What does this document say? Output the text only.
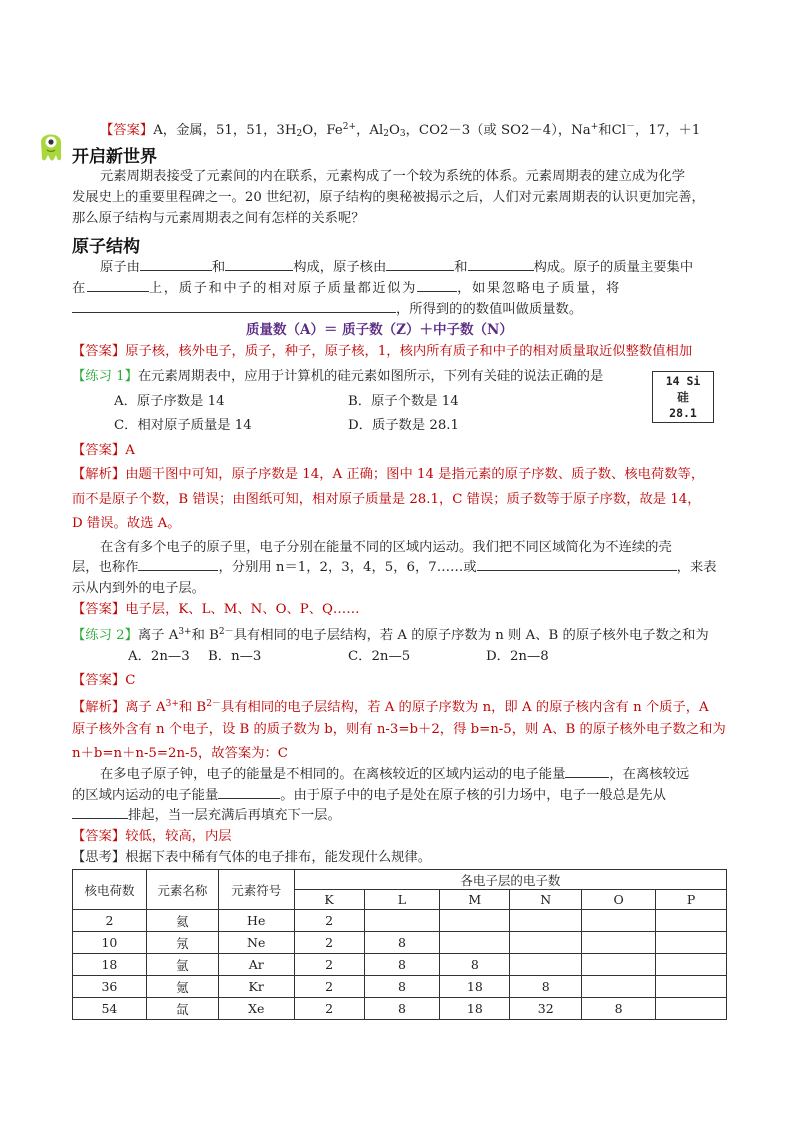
【答案】A，金属，51，51，$3H_2O$，$Fe^{2+}$，$Al_2O_3$，CO2－3（或 SO2－4），Na+和Cl－，17，＋1
开启新世界
元素周期表接受了元素间的内在联系，元素构成了一个较为系统的体系。元素周期表的建立成为化学
发展史上的重要里程碑之一。20 世纪初，原子结构的奥秘被揭示之后，人们对元素周期表的认识更加完善，
那么原子结构与元素周期表之间有怎样的关系呢？
原子结构
原子由	和	构成，原子核由	和	构成。原子的质量主要集中
在	上，质子和中子的相对原子质量都近似为	，如果忽略电子质量，将
，所得到的的数值叫做质量数。
质量数（A）＝ 质子数（Z）＋中子数（N）
【答案】原子核，核外电子，质子，种子，原子核，1，核内所有质子和中子的相对质量取近似整数值相加
【练习 1】在元素周期表中，应用于计算机的硅元素如图所示，下列有关硅的说法正确的是
A．原子序数是 14	B．原子个数是 14
C．相对原子质量是 14	D．质子数是 28.1
14 Si
硅
28.1
【答案】A
【解析】由题干图中可知，原子序数是 14，A 正确；图中 14 是指元素的原子序数、质子数、核电荷数等，
而不是原子个数，B 错误；由图纸可知，相对原子质量是 28.1，C 错误；质子数等于原子序数，故是 14，
D 错误。故选 A。
在含有多个电子的原子里，电子分别在能量不同的区域内运动。我们把不同区域简化为不连续的壳
层，也称作	，分别用 n＝1，2，3，4，5，6，7……或	，来表
示从内到外的电子层。
【答案】电子层，K、L、M、N、O、P、Q……
【练习 2】离子 $A^{3+}$和 $B^{2-}$具有相同的电子层结构，若 A 的原子序数为 n 则 A、B 的原子核外电子数之和为
A．2n—3 B．n—3	C．2n—5	D．2n—8
【答案】C
【解析】离子 $A^{3+}$和 $B^{2-}$具有相同的电子层结构，若 A 的原子序数为 n，即 A 的原子核内含有 n 个质子，A
原子核外含有 n 个电子，设 B 的质子数为 b，则有 n-3=b＋2，得 b=n-5，则 A、B 的原子核外电子数之和为
n＋b=n＋n-5=2n-5，故答案为：C
在多电子原子钟，电子的能量是不相同的。在离核较近的区域内运动的电子能量	，在离核较远
的区域内运动的电子能量	。由于原子中的电子是处在原子核的引力场中，电子一般总是先从
排起，当一层充满后再填充下一层。
【答案】较低，较高，内层
【思考】根据下表中稀有气体的电子排布，能发现什么规律。
核电荷数	元素名称	元素符号	各电子层的电子数					
			K	L	M	N	O	P
2	氦	He	2					
10	氖	Ne	2	8				
18	氩	Ar	2	8	8			
36	氪	Kr	2	8	18	8		
54	氙	Xe	2	8	18	32	8	
